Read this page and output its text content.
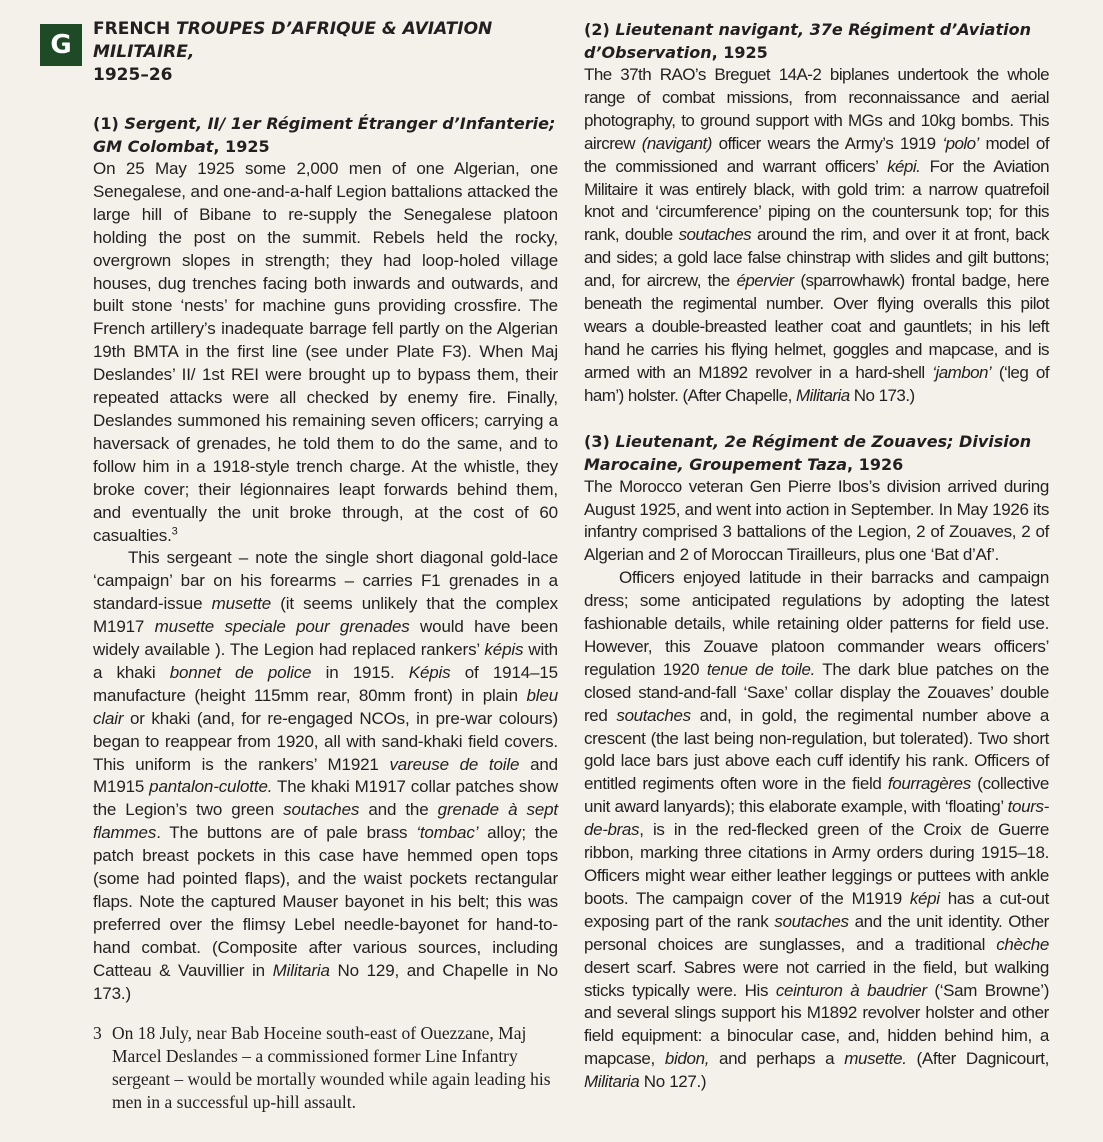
G
FRENCH TROUPES D’AFRIQUE & AVIATION MILITAIRE,
1925–26
(1) Sergent, II/ 1er Régiment Étranger d’Infanterie; GM Colombat, 1925

On 25 May 1925 some 2,000 men of one Algerian, one Senegalese, and one-and-a-half Legion battalions attacked the large hill of Bibane to re-supply the Senegalese platoon holding the post on the summit. Rebels held the rocky, overgrown slopes in strength; they had loop-holed village houses, dug trenches facing both inwards and outwards, and built stone ‘nests’ for machine guns providing crossfire. The French artillery’s inadequate barrage fell partly on the Algerian 19th BMTA in the first line (see under Plate F3). When Maj Deslandes’ II/ 1st REI were brought up to bypass them, their repeated attacks were all checked by enemy fire. Finally, Deslandes summoned his remaining seven officers; carrying a haversack of grenades, he told them to do the same, and to follow him in a 1918-style trench charge. At the whistle, they broke cover; their légionnaires leapt forwards behind them, and eventually the unit broke through, at the cost of 60 casualties.$^3$

This sergeant – note the single short diagonal gold-lace ‘campaign’ bar on his forearms – carries F1 grenades in a standard-issue musette (it seems unlikely that the complex M1917 musette speciale pour grenades would have been widely available ). The Legion had replaced rankers’ képis with a khaki bonnet de police in 1915. Képis of 1914–15 manufacture (height 115mm rear, 80mm front) in plain bleu clair or khaki (and, for re-engaged NCOs, in pre-war colours) began to reappear from 1920, all with sand-khaki field covers. This uniform is the rankers’ M1921 vareuse de toile and M1915 pantalon-culotte. The khaki M1917 collar patches show the Legion’s two green soutaches and the grenade à sept flammes. The buttons are of pale brass ‘tombac’ alloy; the patch breast pockets in this case have hemmed open tops (some had pointed flaps), and the waist pockets rectangular flaps. Note the captured Mauser bayonet in his belt; this was preferred over the flimsy Lebel needle-bayonet for hand-to-hand combat. (Composite after various sources, including Catteau & Vauvillier in Militaria No 129, and Chapelle in No 173.)

3 On 18 July, near Bab Hoceine south-east of Ouezzane, Maj Marcel Deslandes – a commissioned former Line Infantry sergeant – would be mortally wounded while again leading his men in a successful up-hill assault.
(2) Lieutenant navigant, 37e Régiment d’Aviation d’Observation, 1925

The 37th RAO’s Breguet 14A-2 biplanes undertook the whole range of combat missions, from reconnaissance and aerial photography, to ground support with MGs and 10kg bombs. This aircrew (navigant) officer wears the Army’s 1919 ‘polo’ model of the commissioned and warrant officers’ képi. For the Aviation Militaire it was entirely black, with gold trim: a narrow quatrefoil knot and ‘circumference’ piping on the countersunk top; for this rank, double soutaches around the rim, and over it at front, back and sides; a gold lace false chinstrap with slides and gilt buttons; and, for aircrew, the épervier (sparrowhawk) frontal badge, here beneath the regimental number. Over flying overalls this pilot wears a double-breasted leather coat and gauntlets; in his left hand he carries his flying helmet, goggles and mapcase, and is armed with an M1892 revolver in a hard-shell ‘jambon’ (‘leg of ham’) holster. (After Chapelle, Militaria No 173.)

(3) Lieutenant, 2e Régiment de Zouaves; Division Marocaine, Groupement Taza, 1926

The Morocco veteran Gen Pierre Ibos’s division arrived during August 1925, and went into action in September. In May 1926 its infantry comprised 3 battalions of the Legion, 2 of Zouaves, 2 of Algerian and 2 of Moroccan Tirailleurs, plus one ‘Bat d’Af’.

Officers enjoyed latitude in their barracks and campaign dress; some anticipated regulations by adopting the latest fashionable details, while retaining older patterns for field use. However, this Zouave platoon commander wears officers’ regulation 1920 tenue de toile. The dark blue patches on the closed stand-and-fall ‘Saxe’ collar display the Zouaves’ double red soutaches and, in gold, the regimental number above a crescent (the last being non-regulation, but tolerated). Two short gold lace bars just above each cuff identify his rank. Officers of entitled regiments often wore in the field fourragères (collective unit award lanyards); this elaborate example, with ‘floating’ tours-de-bras, is in the red-flecked green of the Croix de Guerre ribbon, marking three citations in Army orders during 1915–18. Officers might wear either leather leggings or puttees with ankle boots. The campaign cover of the M1919 képi has a cut-out exposing part of the rank soutaches and the unit identity. Other personal choices are sunglasses, and a traditional chèche desert scarf. Sabres were not carried in the field, but walking sticks typically were. His ceinturon à baudrier (‘Sam Browne’) and several slings support his M1892 revolver holster and other field equipment: a binocular case, and, hidden behind him, a mapcase, bidon, and perhaps a musette. (After Dagnicourt, Militaria No 127.)
